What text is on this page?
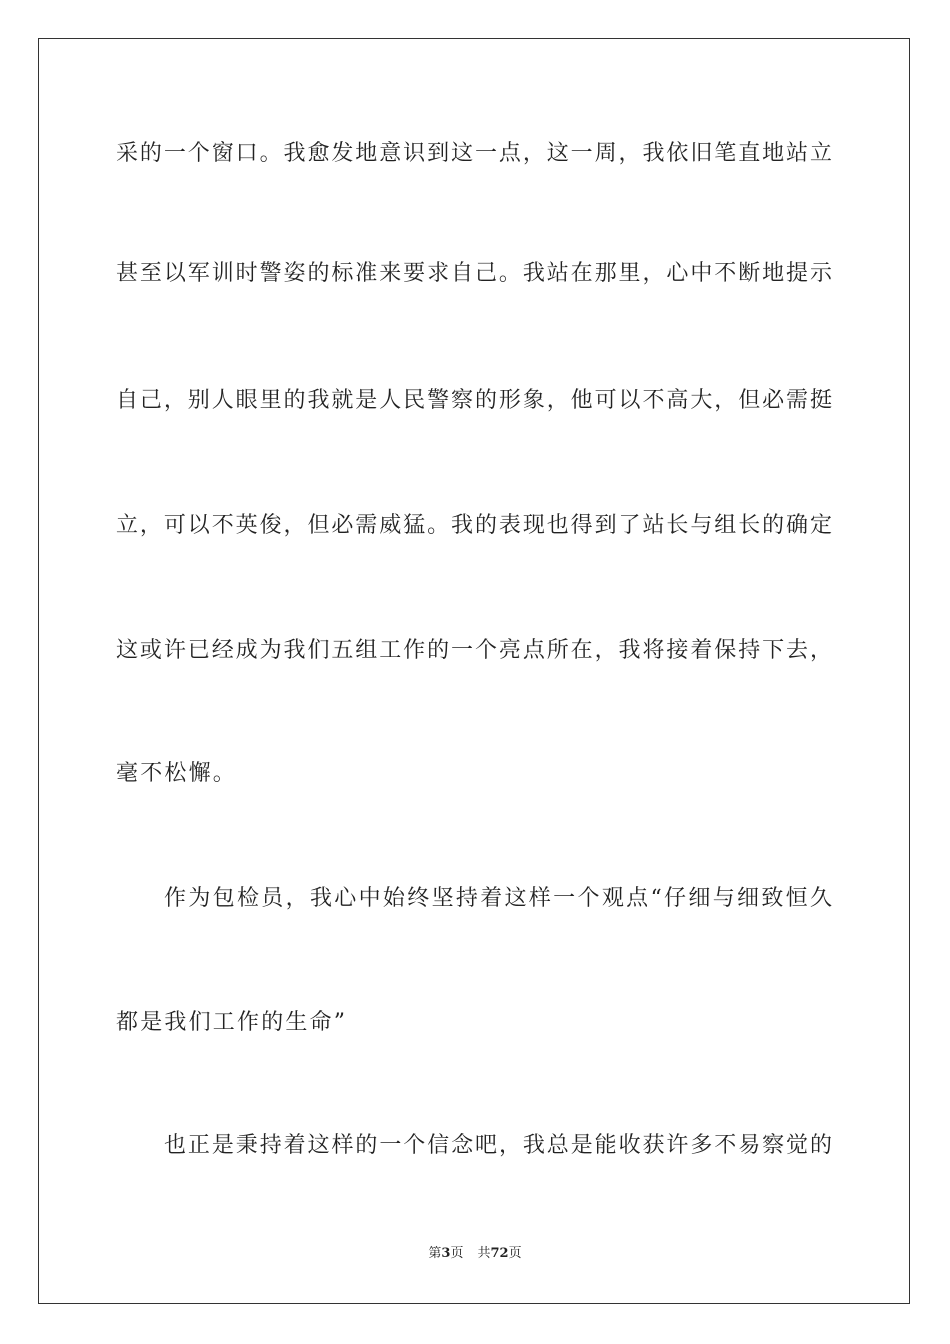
采的一个窗口。我愈发地意识到这一点，这一周，我依旧笔直地站立
甚至以军训时警姿的标准来要求自己。我站在那里，心中不断地提示
自己，别人眼里的我就是人民警察的形象，他可以不高大，但必需挺
立，可以不英俊，但必需威猛。我的表现也得到了站长与组长的确定
这或许已经成为我们五组工作的一个亮点所在，我将接着保持下去，
毫不松懈。
作为包检员，我心中始终坚持着这样一个观点“仔细与细致恒久
都是我们工作的生命”
也正是秉持着这样的一个信念吧，我总是能收获许多不易察觉的
第3页 共72页
